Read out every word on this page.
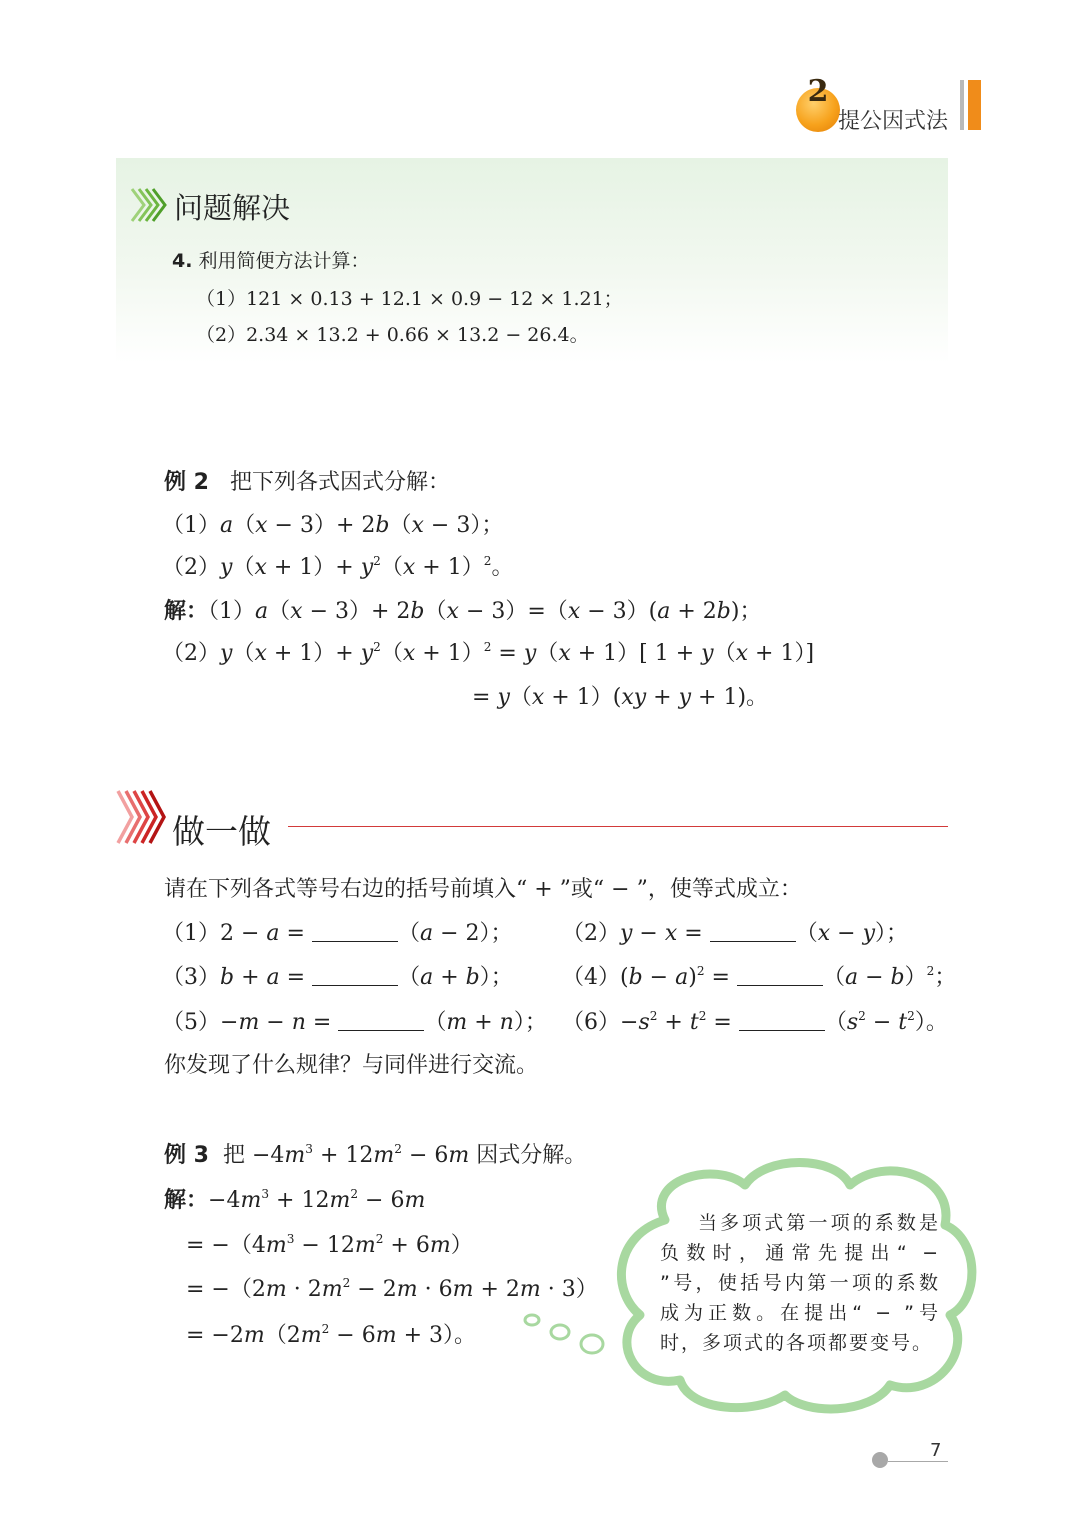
2
提公因式法
问题解决
4. 利用简便方法计算：
（1）121 × 0.13 + 12.1 × 0.9 − 12 × 1.21；
（2）2.34 × 13.2 + 0.66 × 13.2 − 26.4。
例 2 把下列各式因式分解：
（1）a（x − 3）+ 2b（x − 3）；
$(2)y(x + 1)+ y^2(x + 1)^2$。
解：（1）a（x − 3）+ 2b（x − 3）=（x − 3）(a + 2b)；
$(2)y(x + 1)+ y^2(x + 1)^2 = y(x + 1)$[ 1 + y（x + 1）]
= y（x + 1）(xy + y + 1)。
做一做
请在下列各式等号右边的括号前填入“ + ”或“ − ”，使等式成立：
（1）2 − a =	（a − 2）； （2）y − x =	（x − y）；
（3）b + a =	（a + b）； $(4)(b - a)^2$ =	$(a - b)^2$；
（5）−m − n =	（m + n）； $(6)-s^2 + t^2$ =	$(s^2 - t^2)$。
你发现了什么规律？与同伴进行交流。
例 3  把 $-4m^3 + 12m^2 - 6m$ 因式分解。
解：$-4m^3 + 12m^2 - 6m$
= $-(4m^3 - 12m^2 + 6m)$
= $-(2m \cdot 2m^2 - 2m \cdot 6m + 2m \cdot 3)$
= $-2m(2m^2 - 6m + 3)$。
当多项式第一项的系数是负数时，通常先提出“ − ”号，使括号内第一项的系数成为正数。在提出“ − ”号时，多项式的各项都要变号。
7
